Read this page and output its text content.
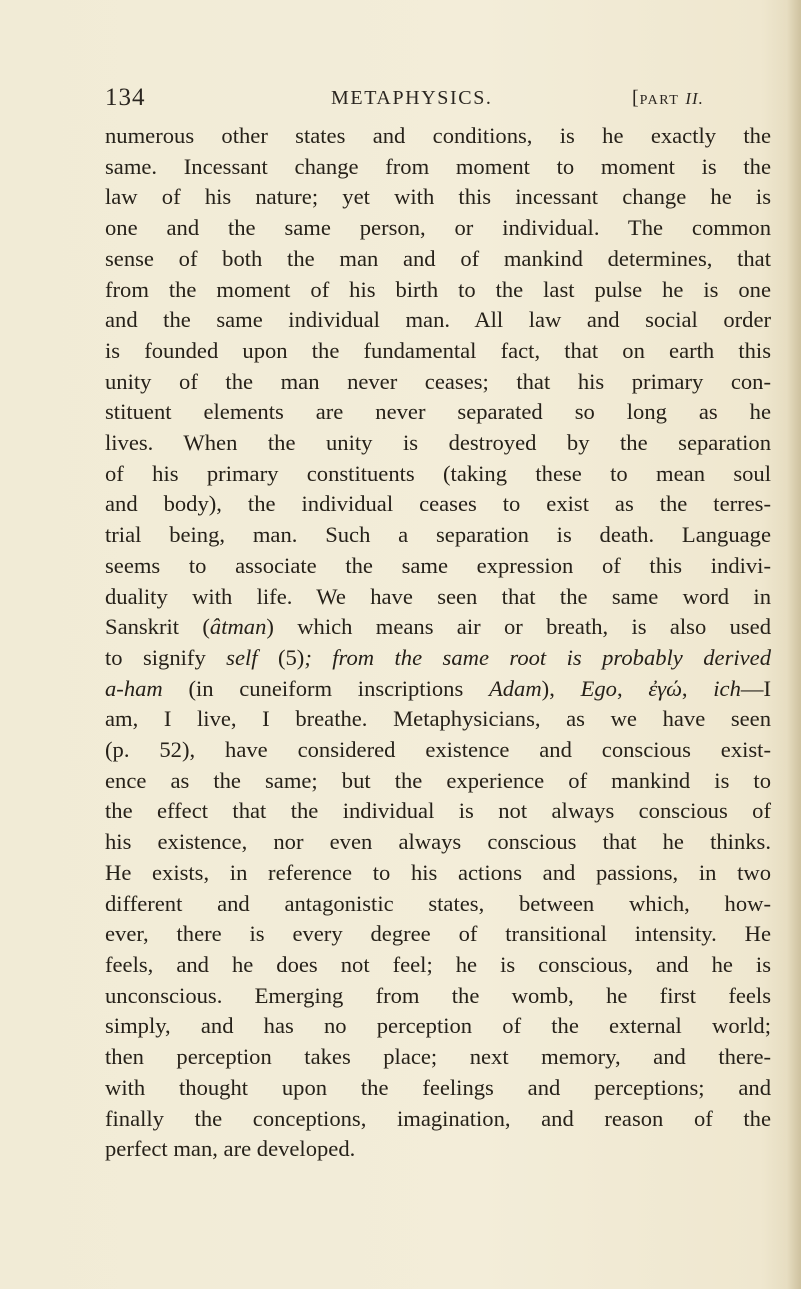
134	METAPHYSICS.	[PART II.
numerous other states and conditions, is he exactly the
same. Incessant change from moment to moment is the
law of his nature; yet with this incessant change he is
one and the same person, or individual. The common
sense of both the man and of mankind determines, that
from the moment of his birth to the last pulse he is one
and the same individual man. All law and social order
is founded upon the fundamental fact, that on earth this
unity of the man never ceases; that his primary con-
stituent elements are never separated so long as he
lives. When the unity is destroyed by the separation
of his primary constituents (taking these to mean soul
and body), the individual ceases to exist as the terres-
trial being, man. Such a separation is death. Language
seems to associate the same expression of this indivi-
duality with life. We have seen that the same word in
Sanskrit (âtman) which means air or breath, is also used
to signify self (5); from the same root is probably derived
a-ham (in cuneiform inscriptions Adam), Ego, ἐγώ, ich—I
am, I live, I breathe. Metaphysicians, as we have seen
(p. 52), have considered existence and conscious exist-
ence as the same; but the experience of mankind is to
the effect that the individual is not always conscious of
his existence, nor even always conscious that he thinks.
He exists, in reference to his actions and passions, in two
different and antagonistic states, between which, how-
ever, there is every degree of transitional intensity. He
feels, and he does not feel; he is conscious, and he is
unconscious. Emerging from the womb, he first feels
simply, and has no perception of the external world;
then perception takes place; next memory, and there-
with thought upon the feelings and perceptions; and
finally the conceptions, imagination, and reason of the
perfect man, are developed.
